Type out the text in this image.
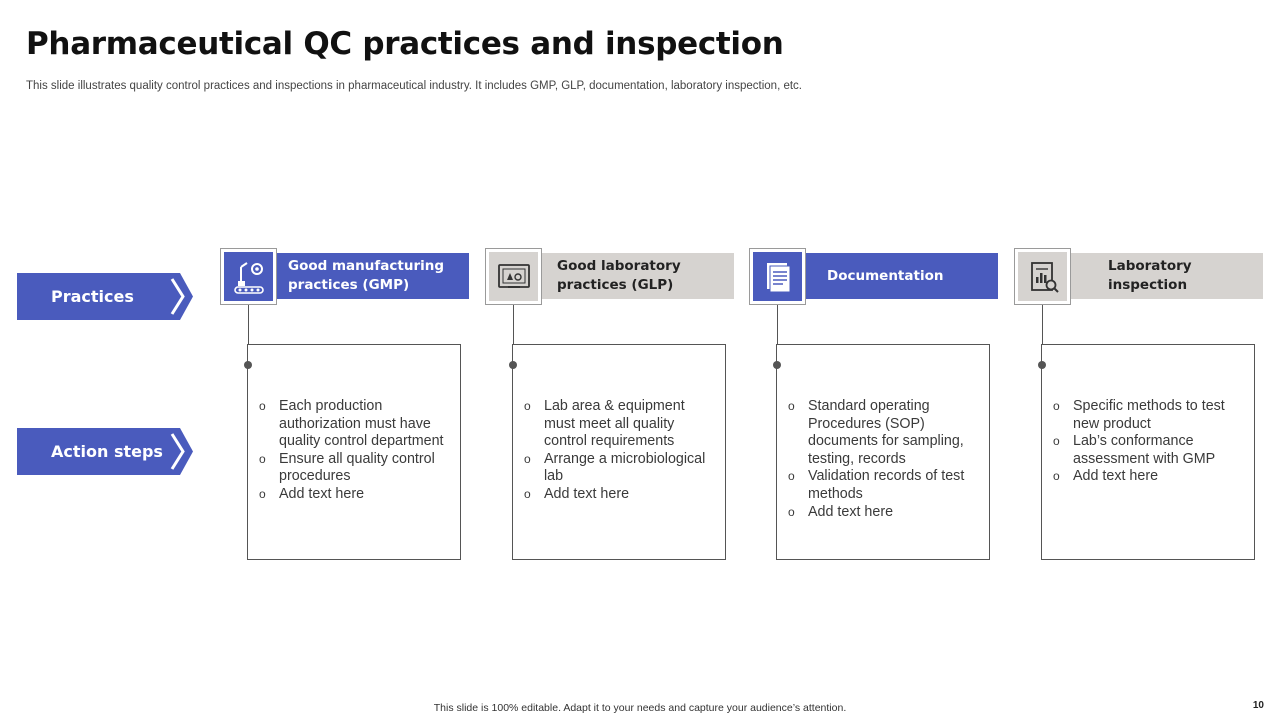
Pharmaceutical QC practices and inspection

This slide illustrates quality control practices and inspections in pharmaceutical industry. It includes GMP, GLP, documentation, laboratory inspection, etc.

Practices
Action steps
Good manufacturing practices (GMP)
o Each production authorization must have quality control department
o Ensure all quality control procedures
o Add text here
Good laboratory practices (GLP)
o Lab area & equipment must meet all quality control requirements
o Arrange a microbiological lab
o Add text here
Documentation
o Standard operating Procedures (SOP) documents for sampling, testing, records
o Validation records of test methods
o Add text here
Laboratory inspection
o Specific methods to test new product
o Lab’s conformance assessment with GMP
o Add text here
This slide is 100% editable. Adapt it to your needs and capture your audience’s attention.	10
